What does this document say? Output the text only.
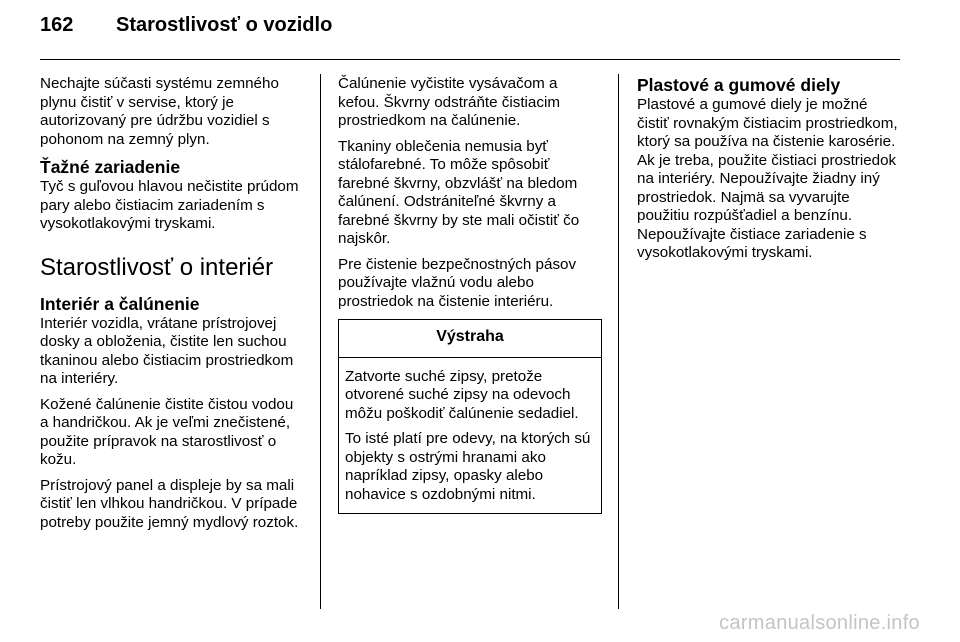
162 Starostlivosť o vozidlo

Nechajte súčasti systému zemného plynu čistiť v servise, ktorý je autorizovaný pre údržbu vozidiel s pohonom na zemný plyn.

Ťažné zariadenie

Tyč s guľovou hlavou nečistite prúdom pary alebo čistiacim zariadením s vysokotlakovými tryskami.

Starostlivosť o interiér
Interiér a čalúnenie

Interiér vozidla, vrátane prístrojovej dosky a obloženia, čistite len suchou tkaninou alebo čistiacim prostriedkom na interiéry.

Kožené čalúnenie čistite čistou vodou a handričkou. Ak je veľmi znečistené, použite prípravok na starostlivosť o kožu.

Prístrojový panel a displeje by sa mali čistiť len vlhkou handričkou. V prípade potreby použite jemný mydlový roztok.

Čalúnenie vyčistite vysávačom a kefou. Škvrny odstráňte čistiacim prostriedkom na čalúnenie.

Tkaniny oblečenia nemusia byť stálofarebné. To môže spôsobiť farebné škvrny, obzvlášť na bledom čalúnení. Odstrániteľné škvrny a farebné škvrny by ste mali očistiť čo najskôr.

Pre čistenie bezpečnostných pásov používajte vlažnú vodu alebo prostriedok na čistenie interiéru.

Výstraha

Zatvorte suché zipsy, pretože otvorené suché zipsy na odevoch môžu poškodiť čalúnenie sedadiel.

To isté platí pre odevy, na ktorých sú objekty s ostrými hranami ako napríklad zipsy, opasky alebo nohavice s ozdobnými nitmi.

Plastové a gumové diely

Plastové a gumové diely je možné čistiť rovnakým čistiacim prostriedkom, ktorý sa používa na čistenie karosérie. Ak je treba, použite čistiaci prostriedok na interiéry. Nepoužívajte žiadny iný prostriedok. Najmä sa vyvarujte použitiu rozpúšťadiel a benzínu. Nepoužívajte čistiace zariadenie s vysokotlakovými tryskami.

carmanualsonline.info
